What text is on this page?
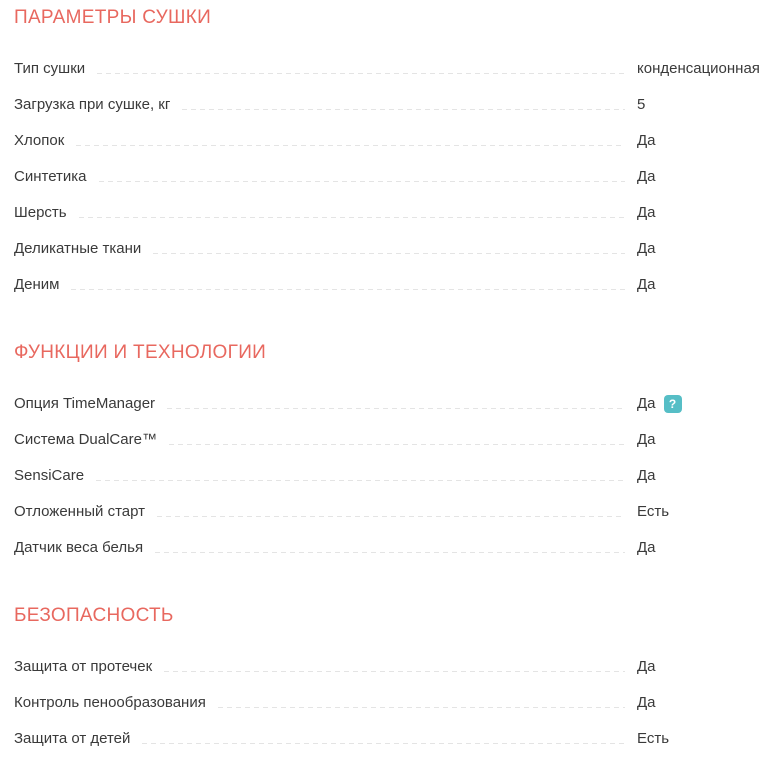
ПАРАМЕТРЫ СУШКИ
Тип сушки	конденсационная
Загрузка при сушке, кг	5
Хлопок	Да
Синтетика	Да
Шерсть	Да
Деликатные ткани	Да
Деним	Да
ФУНКЦИИ И ТЕХНОЛОГИИ
Опция TimeManager	Да	?
Система DualCare™	Да
SensiCare	Да
Отложенный старт	Есть
Датчик веса белья	Да
БЕЗОПАСНОСТЬ
Защита от протечек	Да
Контроль пенообразования	Да
Защита от детей	Есть
